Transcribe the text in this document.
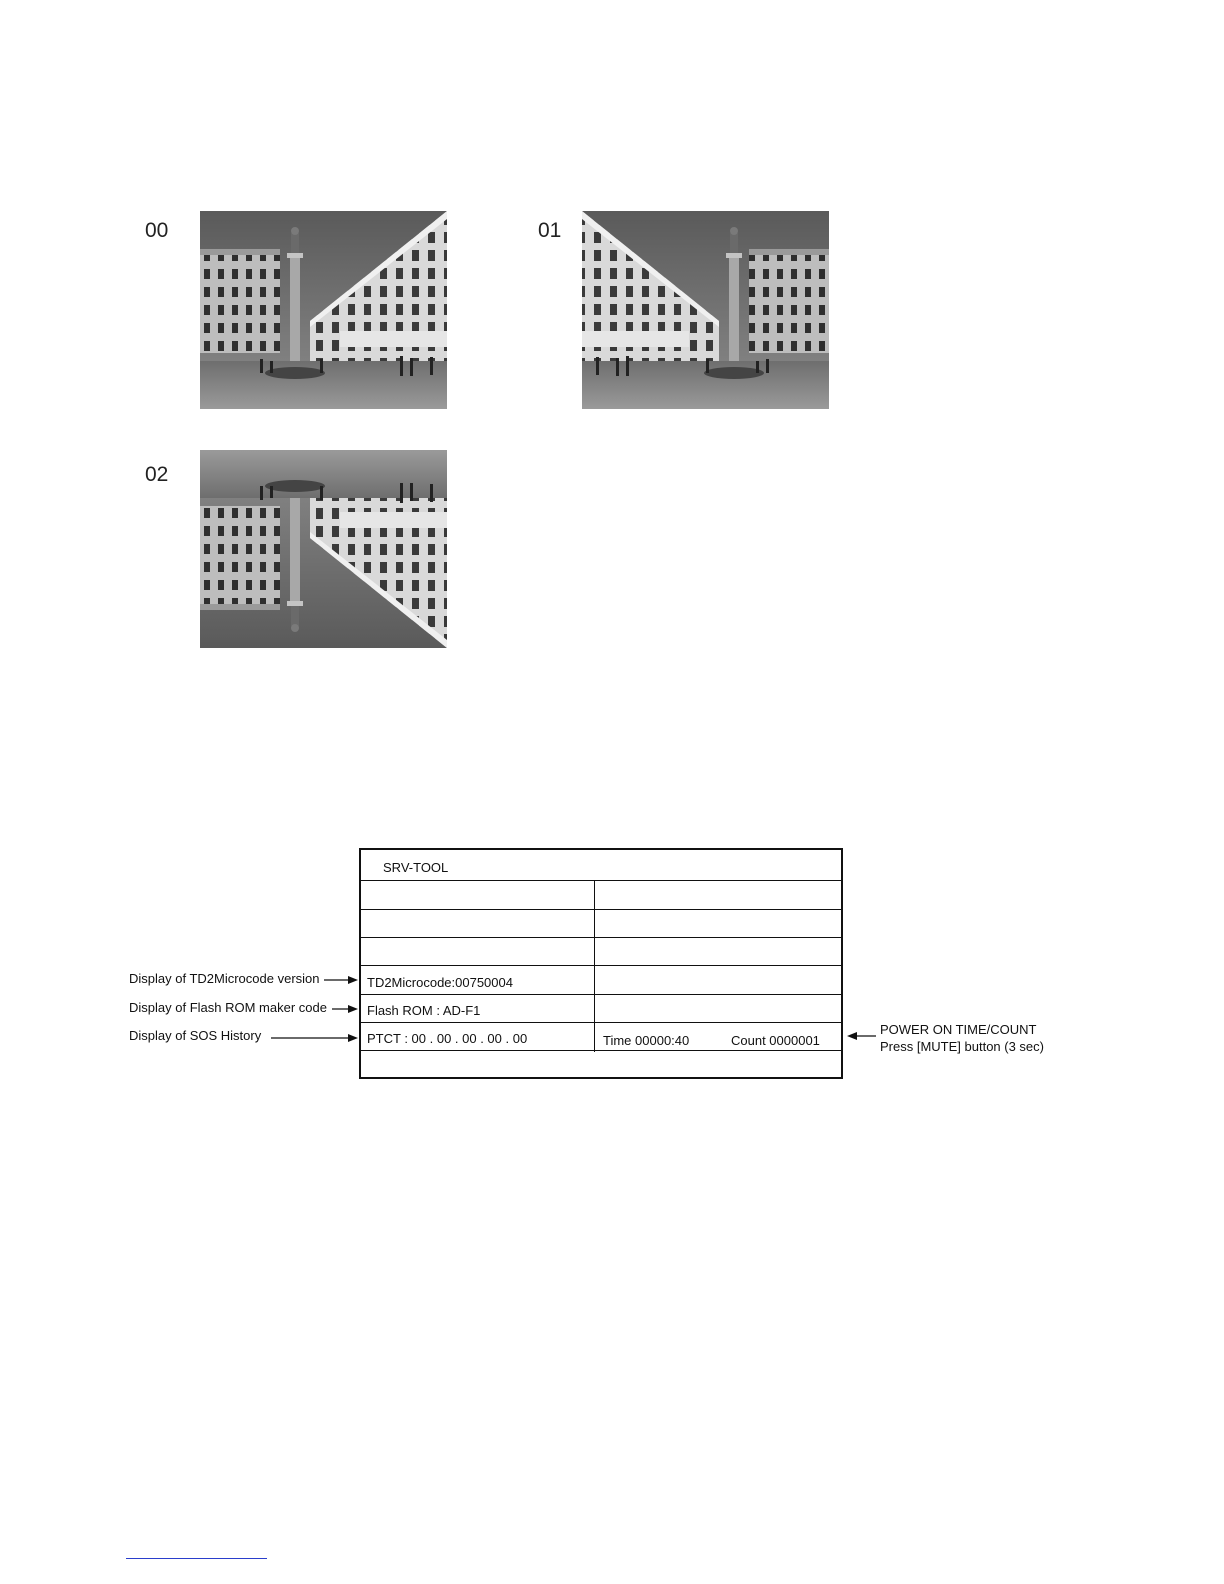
00	01
02
SRV-TOOL
TD2Microcode:00750004
Flash ROM : AD-F1
PTCT : 00 . 00 . 00 . 00 . 00	Time 00000:40	Count 0000001
Display of TD2Microcode version
Display of Flash ROM maker code
Display of SOS History	POWER ON TIME/COUNT
Press [MUTE] button (3 sec)
